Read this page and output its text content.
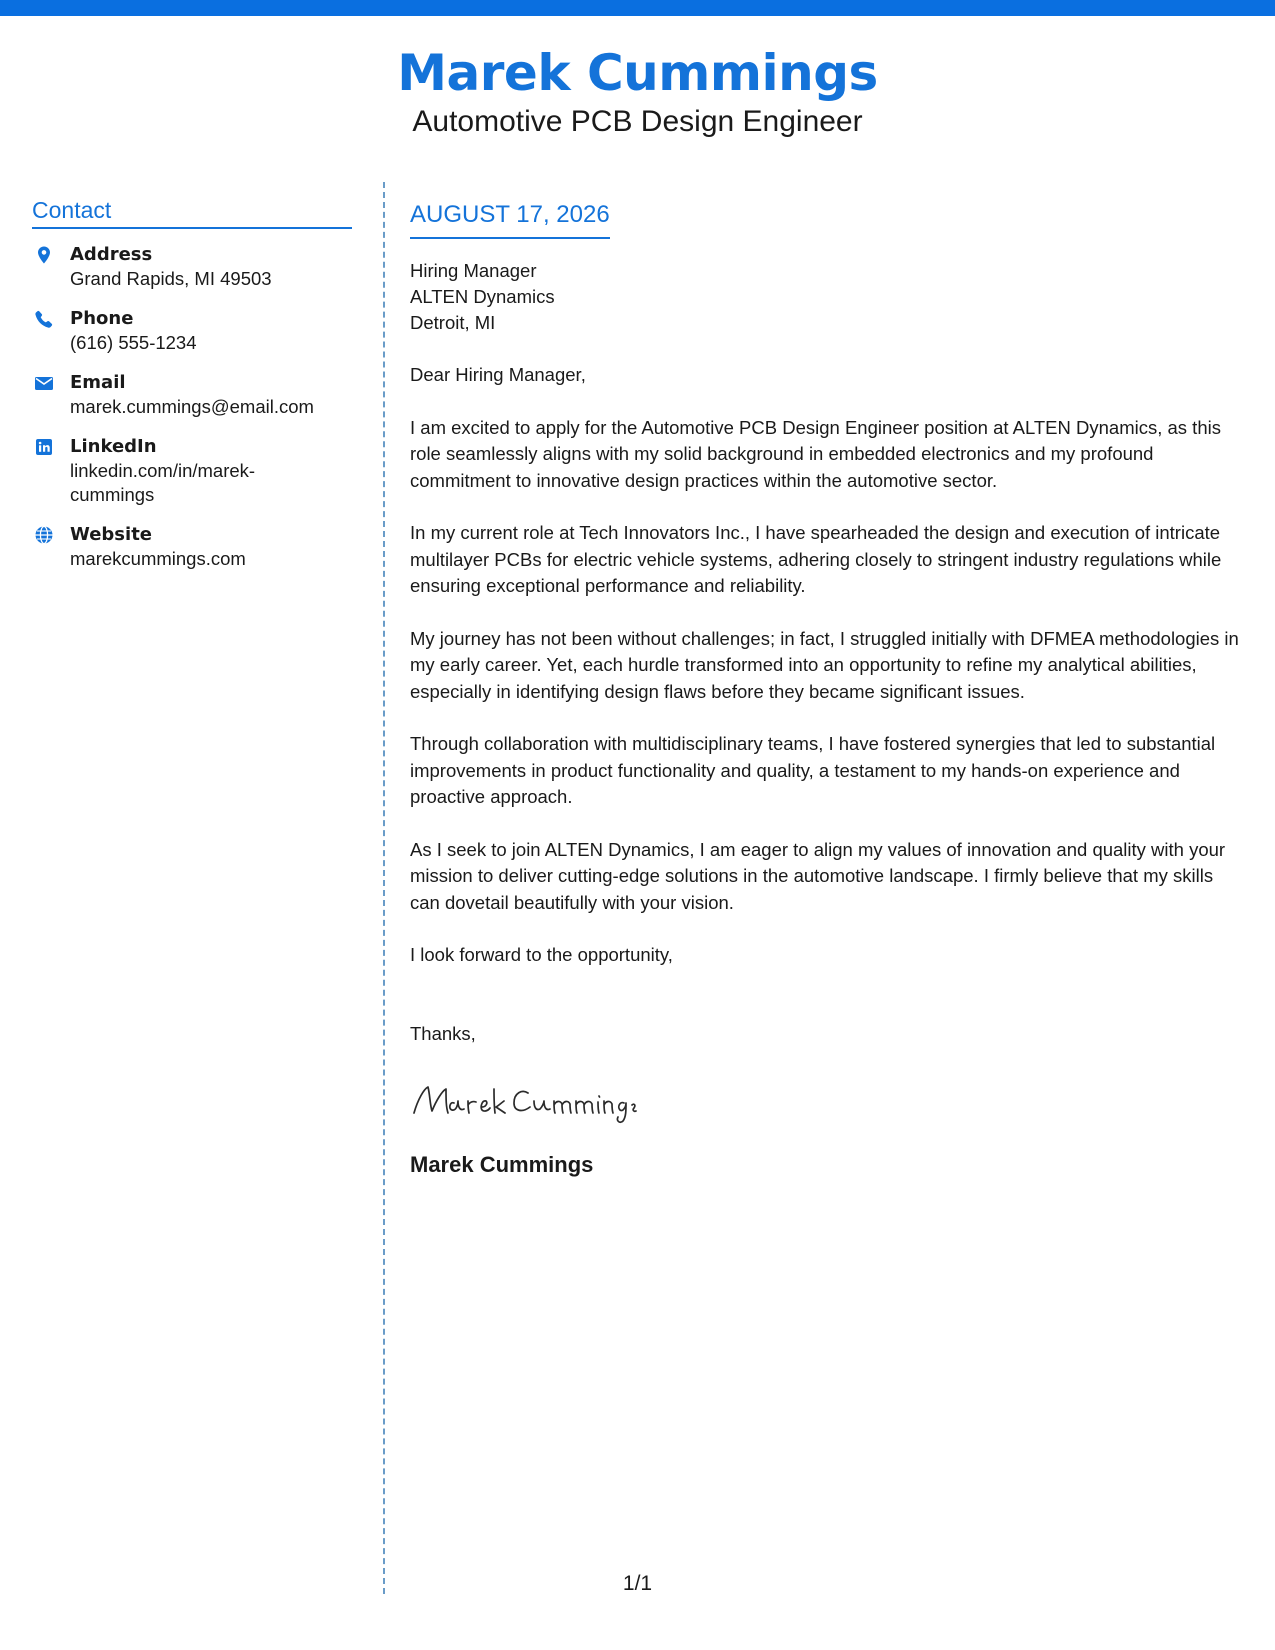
Marek Cummings
Automotive PCB Design Engineer
Contact
Address
Grand Rapids, MI 49503
Phone
(616) 555-1234
Email
marek.cummings@email.com
LinkedIn
linkedin.com/in/marek-cummings
Website
marekcummings.com
AUGUST 17, 2026
Hiring Manager
ALTEN Dynamics
Detroit, MI
Dear Hiring Manager,

I am excited to apply for the Automotive PCB Design Engineer position at ALTEN Dynamics, as this role seamlessly aligns with my solid background in embedded electronics and my profound commitment to innovative design practices within the automotive sector.

In my current role at Tech Innovators Inc., I have spearheaded the design and execution of intricate multilayer PCBs for electric vehicle systems, adhering closely to stringent industry regulations while ensuring exceptional performance and reliability.

My journey has not been without challenges; in fact, I struggled initially with DFMEA methodologies in my early career. Yet, each hurdle transformed into an opportunity to refine my analytical abilities, especially in identifying design flaws before they became significant issues.

Through collaboration with multidisciplinary teams, I have fostered synergies that led to substantial improvements in product functionality and quality, a testament to my hands-on experience and proactive approach.

As I seek to join ALTEN Dynamics, I am eager to align my values of innovation and quality with your mission to deliver cutting-edge solutions in the automotive landscape. I firmly believe that my skills can dovetail beautifully with your vision.

I look forward to the opportunity,
Thanks,
Marek Cummings
1/1
